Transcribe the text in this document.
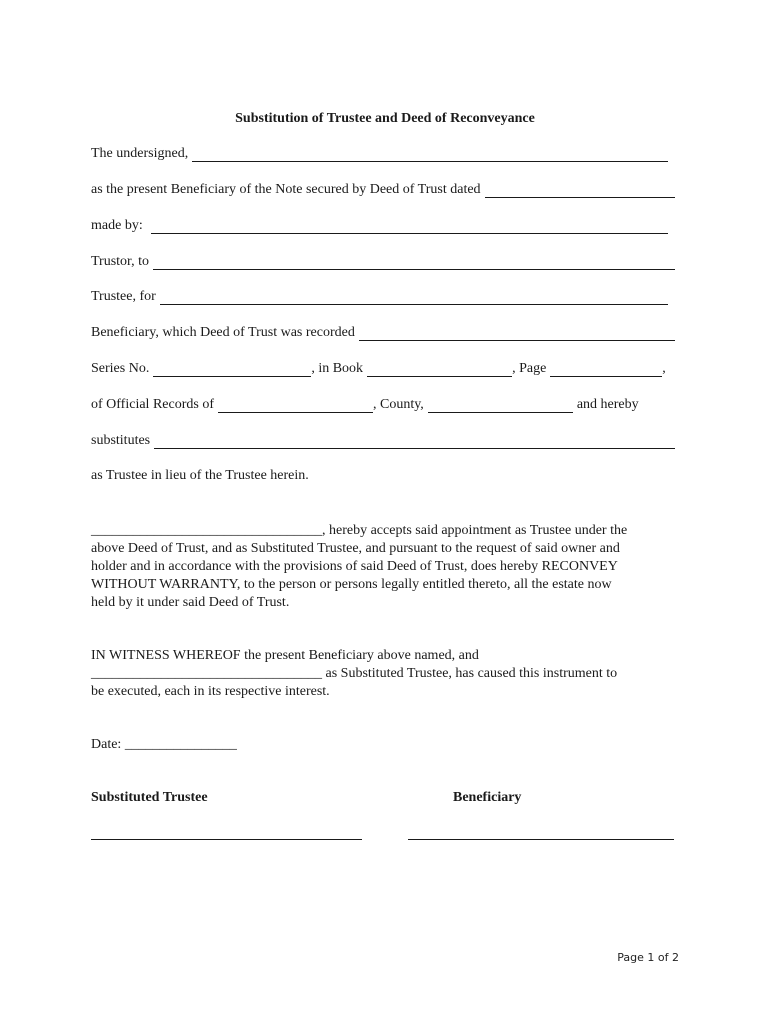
Substitution of Trustee and Deed of Reconveyance
The undersigned,
as the present Beneficiary of the Note secured by Deed of Trust dated
made by:
Trustor, to
Trustee, for
Beneficiary, which Deed of Trust was recorded
Series No.	, in Book	, Page	,
of Official Records of	, County,	and hereby
substitutes
as Trustee in lieu of the Trustee herein.
_________________________________, hereby accepts said appointment as Trustee under the
above Deed of Trust, and as Substituted Trustee, and pursuant to the request of said owner and
holder and in accordance with the provisions of said Deed of Trust, does hereby RECONVEY
WITHOUT WARRANTY, to the person or persons legally entitled thereto, all the estate now
held by it under said Deed of Trust.
IN WITNESS WHEREOF the present Beneficiary above named, and
_________________________________ as Substituted Trustee, has caused this instrument to
be executed, each in its respective interest.
Date: ________________
Substituted Trustee	Beneficiary
Page 1 of 2
